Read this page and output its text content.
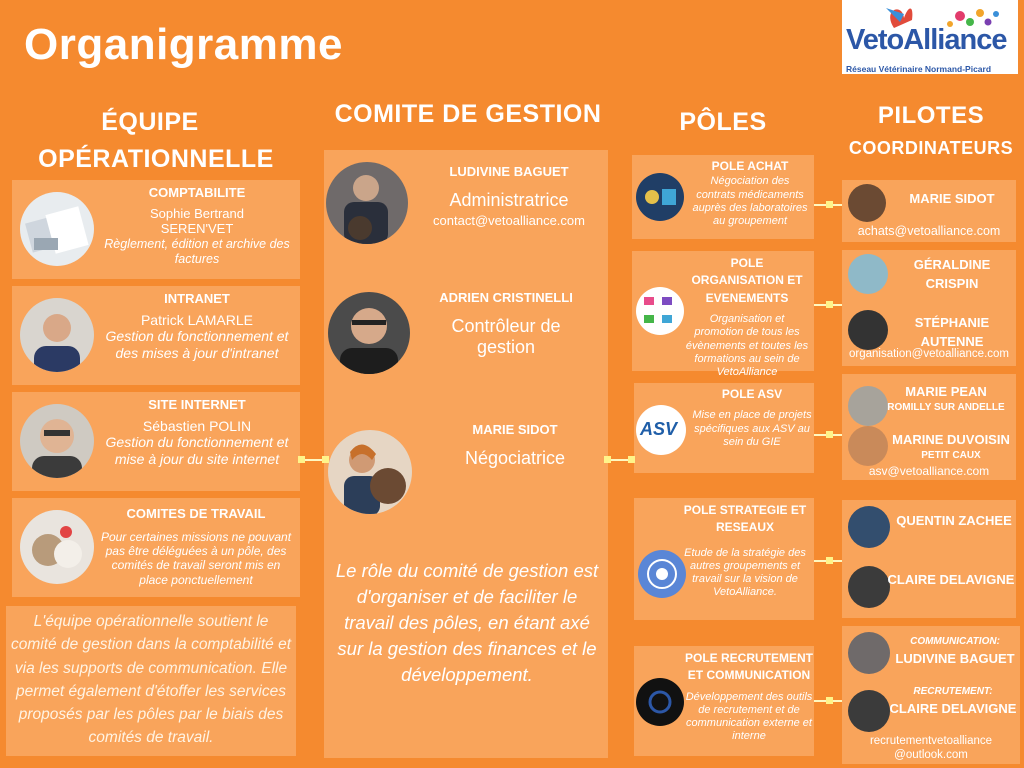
Organigramme	VetoAlliance
Réseau Vétérinaire Normand-Picard
ÉQUIPE
OPÉRATIONNELLE
COMITE DE GESTION	PÔLES	PILOTES
COORDINATEURS
COMPTABILITE
Sophie Bertrand
SEREN'VET
Règlement, édition et archive des factures
INTRANET
Patrick LAMARLE
Gestion du fonctionnement et des mises à jour d'intranet
SITE INTERNET
Sébastien POLIN
Gestion du fonctionnement et mise à jour du site internet
COMITES DE TRAVAIL
Pour certaines missions ne pouvant pas être déléguées à un pôle, des comités de travail seront mis en place ponctuellement
L'équipe opérationnelle soutient le comité de gestion dans la comptabilité et via les supports de communication. Elle permet également d'étoffer les services proposés par les pôles par le biais des comités de travail.
LUDIVINE BAGUET
Administratrice
contact@vetoalliance.com
ADRIEN CRISTINELLI
Contrôleur de gestion
MARIE SIDOT
Négociatrice
Le rôle du comité de gestion est d'organiser et de faciliter le travail des pôles, en étant axé sur la gestion des finances et le développement.
POLE ACHAT
Négociation des contrats médicaments auprès des laboratoires au groupement
POLE ORGANISATION ET EVENEMENTS
Organisation et promotion de tous les évènements et toutes les formations au sein de VetoAlliance
ASV
POLE ASV
Mise en place de projets spécifiques aux ASV au sein du GIE
POLE STRATEGIE ET RESEAUX
Etude de la stratégie des autres groupements et travail sur la vision de VetoAlliance.
POLE RECRUTEMENT ET COMMUNICATION
Développement des outils de recrutement et de communication externe et interne
MARIE SIDOT
achats@vetoalliance.com
GÉRALDINE
CRISPIN
STÉPHANIE
AUTENNE
organisation@vetoalliance.com
MARIE PEAN
ROMILLY SUR ANDELLE
MARINE DUVOISIN
PETIT CAUX
asv@vetoalliance.com
QUENTIN ZACHEE
CLAIRE DELAVIGNE
COMMUNICATION:
LUDIVINE BAGUET
RECRUTEMENT:
CLAIRE DELAVIGNE
recrutementvetoalliance
@outlook.com
